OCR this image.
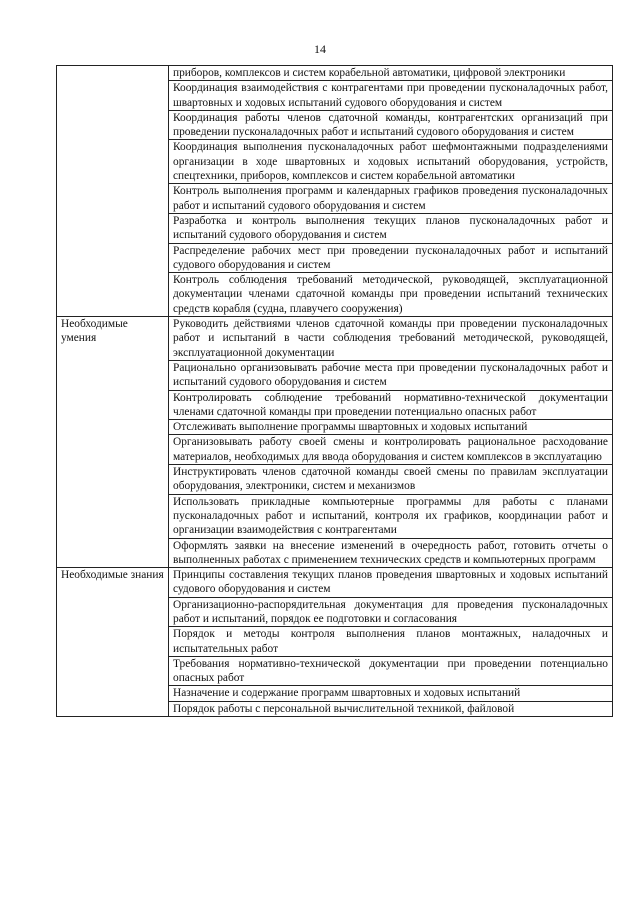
14
	приборов, комплексов и систем корабельной автоматики, цифровой электроники
	Координация взаимодействия с контрагентами при проведении пусконаладочных работ, швартовных и ходовых испытаний судового оборудования и систем
	Координация работы членов сдаточной команды, контрагентских организаций при проведении пусконаладочных работ и испытаний судового оборудования и систем
	Координация выполнения пусконаладочных работ шефмонтажными подразделениями организации в ходе швартовных и ходовых испытаний оборудования, устройств, спецтехники, приборов, комплексов и систем корабельной автоматики
	Контроль выполнения программ и календарных графиков проведения пусконаладочных работ и испытаний судового оборудования и систем
	Разработка и контроль выполнения текущих планов пусконаладочных работ и испытаний судового оборудования и систем
	Распределение рабочих мест при проведении пусконаладочных работ и испытаний судового оборудования и систем
	Контроль соблюдения требований методической, руководящей, эксплуатационной документации членами сдаточной команды при проведении испытаний технических средств корабля (судна, плавучего сооружения)
Необходимые умения	Руководить действиями членов сдаточной команды при проведении пусконаладочных работ и испытаний в части соблюдения требований методической, руководящей, эксплуатационной документации
	Рационально организовывать рабочие места при проведении пусконаладочных работ и испытаний судового оборудования и систем
	Контролировать соблюдение требований нормативно-технической документации членами сдаточной команды при проведении потенциально опасных работ
	Отслеживать выполнение программы швартовных и ходовых испытаний
	Организовывать работу своей смены и контролировать рациональное расходование материалов, необходимых для ввода оборудования и систем комплексов в эксплуатацию
	Инструктировать членов сдаточной команды своей смены по правилам эксплуатации оборудования, электроники, систем и механизмов
	Использовать прикладные компьютерные программы для работы с планами пусконаладочных работ и испытаний, контроля их графиков, координации работ и организации взаимодействия с контрагентами
	Оформлять заявки на внесение изменений в очередность работ, готовить отчеты о выполненных работах с применением технических средств и компьютерных программ
Необходимые знания	Принципы составления текущих планов проведения швартовных и ходовых испытаний судового оборудования и систем
	Организационно-распорядительная документация для проведения пусконаладочных работ и испытаний, порядок ее подготовки и согласования
	Порядок и методы контроля выполнения планов монтажных, наладочных и испытательных работ
	Требования нормативно-технической документации при проведении потенциально опасных работ
	Назначение и содержание программ швартовных и ходовых испытаний
	Порядок работы с персональной вычислительной техникой, файловой
